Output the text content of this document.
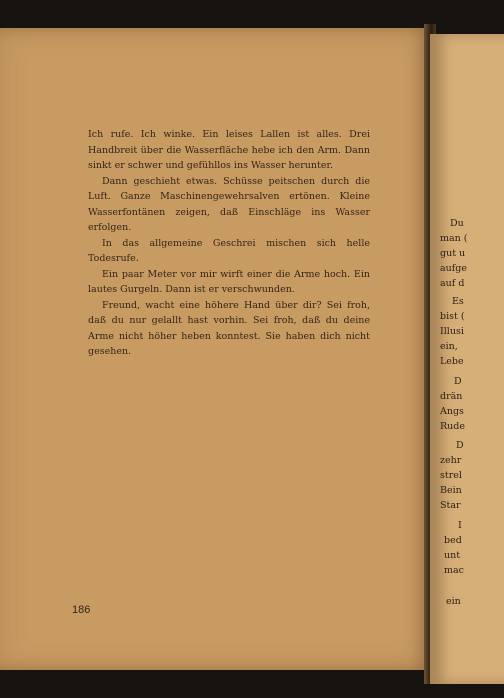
Ich rufe. Ich winke. Ein leises Lallen ist alles. Drei Handbreit über die Wasserfläche hebe ich den Arm. Dann sinkt er schwer und gefühllos ins Wasser herunter.

Dann geschieht etwas. Schüsse peitschen durch die Luft. Ganze Maschinengewehrsalven ertönen. Kleine Wasserfontänen zeigen, daß Einschläge ins Wasser erfolgen.

In das allgemeine Geschrei mischen sich helle Todesrufe.

Ein paar Meter vor mir wirft einer die Arme hoch. Ein lautes Gurgeln. Dann ist er verschwunden.

Freund, wacht eine höhere Hand über dir? Sei froh, daß du nur gelallt hast vorhin. Sei froh, daß du deine Arme nicht höher heben konntest. Sie haben dich nicht gesehen.

186
Du
man (
gut u
aufge
auf d
Es
bist (
Illusi
ein,
Lebe
D
drän
Angs
Rude
D
zehr
strel
Bein
Star
I
bed
unt
mac
ein
